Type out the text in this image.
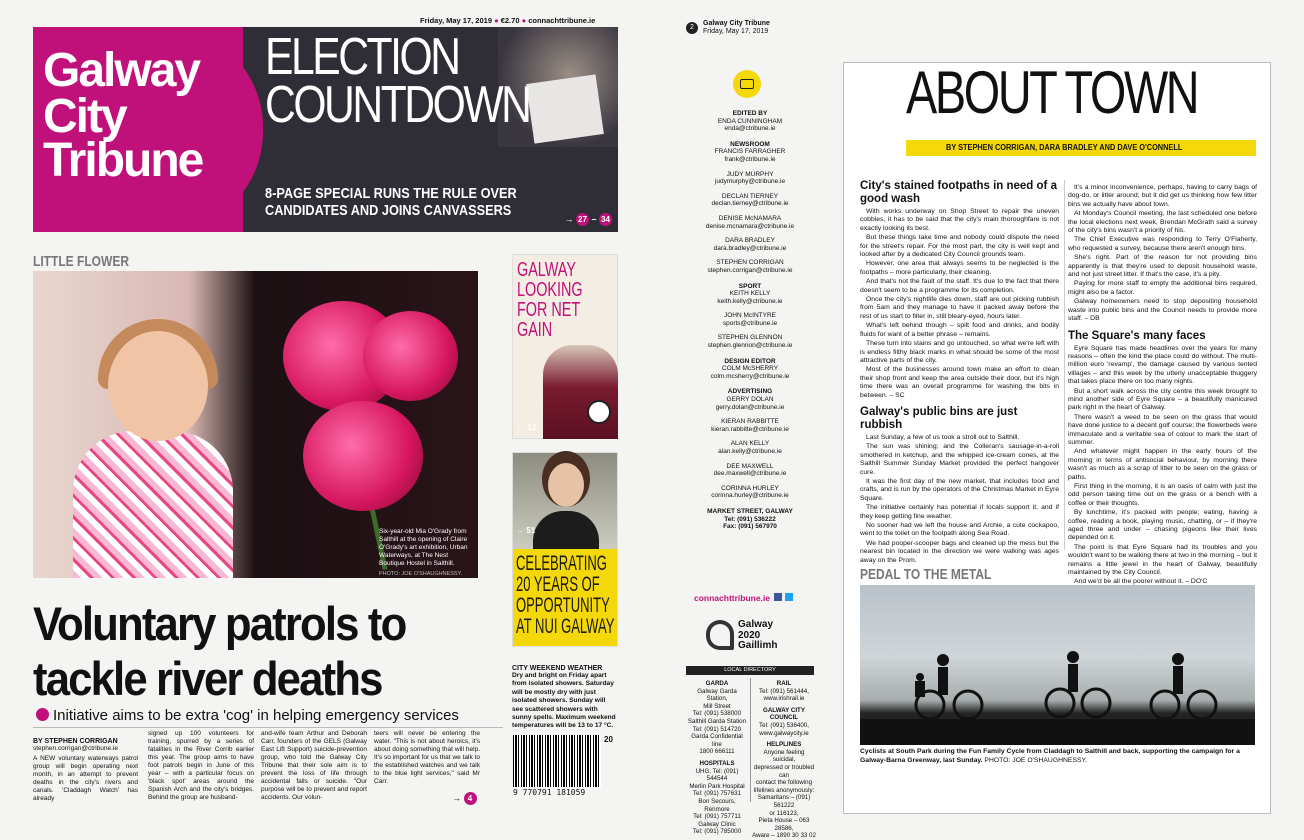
Friday, May 17, 2019 ● €2.70 ● connachttribune.ie
Galway
City
Tribune
ELECTION
COUNTDOWN
8-PAGE SPECIAL RUNS THE RULE OVER
CANDIDATES AND JOINS CANVASSERS	→ 27 – 34
LITTLE FLOWER
Six-year-old Mia O'Grady from Salthill at the opening of Claire O'Grady's art exhibition, Urban Waterways, at The Nest Boutique Hostel in Salthill.
PHOTO: JOE O'SHAUGHNESSY.
GALWAY
LOOKING
FOR NET
GAIN
→ 12
→ 51
CELEBRATING
20 YEARS OF
OPPORTUNITY
AT NUI GALWAY
Voluntary patrols to
tackle river deaths
Initiative aims to be extra 'cog' in helping emergency services
BY STEPHEN CORRIGAN
stephen.corrigan@ctribune.ie
A NEW voluntary waterways patrol group will begin operating next month, in an attempt to prevent deaths in the city's rivers and canals. 'Claddagh Watch' has already
signed up 100 volunteers for training, spurred by a series of fatalities in the River Corrib earlier this year. The group aims to have foot patrols begin in June of this year – with a particular focus on 'black spot' areas around the Spanish Arch and the city's bridges. Behind the group are husband-
and-wife team Arthur and Deborah Carr, founders of the GELS (Galway East Lift Support) suicide-prevention group, who told the Galway City Tribune that their sole aim is to prevent the loss of life through accidental falls or suicide. "Our purpose will be to prevent and report accidents. Our volun-
teers will never be entering the water. "This is not about heroics, it's about doing something that will help. It's so important for us that we talk to the established watches and we talk to the blue light services," said Mr Carr.
→ 4
CITY WEEKEND WEATHER
Dry and bright on Friday apart from isolated showers. Saturday will be mostly dry with just isolated showers. Sunday will see scattered showers with sunny spells. Maximum weekend temperatures will be 13 to 17 °C.
20
9 770791 181059
2
Galway City Tribune
Friday, May 17, 2019
EDITED BY
ENDA CUNNINGHAM
enda@ctribune.ie
NEWSROOM
FRANCIS FARRAGHER
frank@ctribune.ie
JUDY MURPHY
judymurphy@ctribune.ie
DECLAN TIERNEY
declan.tierney@ctribune.ie
DENISE McNAMARA
denise.mcnamara@ctribune.ie
DARA BRADLEY
dara.bradley@ctribune.ie
STEPHEN CORRIGAN
stephen.corrigan@ctribune.ie
SPORT
KEITH KELLY
keith.kelly@ctribune.ie
JOHN McINTYRE
sports@ctribune.ie
STEPHEN GLENNON
stephen.glennon@ctribune.ie
DESIGN EDITOR
COLM McSHERRY
colm.mcsherry@ctribune.ie
ADVERTISING
GERRY DOLAN
gerry.dolan@ctribune.ie
KIERAN RABBITTE
kieran.rabbitte@ctribune.ie
ALAN KELLY
alan.kelly@ctribune.ie
DEE MAXWELL
dee.maxwell@ctribune.ie
CORINNA HURLEY
corinna.hurley@ctribune.ie
MARKET STREET, GALWAY
Tel: (091) 536222
Fax: (091) 567970
connachttribune.ie
Galway
2020
Gaillimh
LOCAL DIRECTORY
GARDA
Galway Garda Station,
Mill Street
Tel: (091) 538000
Salthill Garda Station
Tel: (091) 514720
Garda Confidential line
1800 666111
HOSPITALS
UHG, Tel: (091) 544544
Merlin Park Hospital
Tel: (091) 757631
Bon Secours, Renmore
Tel: (091) 757711
Galway Clinic
Tel: (091) 785000
RAIL
Tel: (091) 561444,
www.irishrail.ie
GALWAY CITY COUNCIL
Tel: (091) 536400,
www.galwaycity.ie
HELPLINES
Anyone feeling suicidal,
depressed or troubled can
contact the following
lifelines anonymously:
Samaritans – (091) 561222
or 116123,
Pieta House – 063 28586,
Aware – 1890 30 33 02
ABOUT TOWN
BY STEPHEN CORRIGAN, DARA BRADLEY AND DAVE O'CONNELL
City's stained footpaths in need of a good wash

With works underway on Shop Street to repair the uneven cobbles, it has to be said that the city's main thoroughfare is not exactly looking its best.

But these things take time and nobody could dispute the need for the street's repair. For the most part, the city is well kept and looked after by a dedicated City Council grounds team.

However, one area that always seems to be neglected is the footpaths – more particularly, their cleaning.

And that's not the fault of the staff. It's due to the fact that there doesn't seem to be a programme for its completion.

Once the city's nightlife dies down, staff are out picking rubbish from 5am and they manage to have it packed away before the rest of us start to filter in, still bleary-eyed, hours later.

What's left behind though – spilt food and drinks, and bodily fluids for want of a better phrase – remains.

These turn into stains and go untouched, so what we're left with is endless filthy black marks in what should be some of the most attractive parts of the city.

Most of the businesses around town make an effort to clean their shop front and keep the area outside their door, but it's high time there was an overall programme for washing the bits in between. – SC

Galway's public bins are just rubbish

Last Sunday, a few of us took a stroll out to Salthill.

The sun was shining; and the Colleran's sausage-in-a-roll smothered in ketchup, and the whipped ice-cream cones, at the Salthill Summer Sunday Market provided the perfect hangover cure.

It was the first day of the new market, that includes food and crafts, and is run by the operators of the Christmas Market in Eyre Square.

The initiative certainly has potential if locals support it, and if they keep getting fine weather.

No sooner had we left the house and Archie, a cute cockapoo, went to the toilet on the footpath along Sea Road.

We had pooper-scooper bags and cleaned up the mess but the nearest bin located in the direction we were walking was ages away on the Prom.

It's a minor inconvenience, perhaps, having to carry bags of dog-do, or litter around; but it did get us thinking how few litter bins we actually have about town.

At Monday's Council meeting, the last scheduled one before the local elections next week, Brendan McGrath said a survey of the city's bins wasn't a priority of his.

The Chief Executive was responding to Terry O'Flaherty, who requested a survey, because there aren't enough bins.

She's right. Part of the reason for not providing bins apparently is that they're used to deposit household waste, and not just street litter. If that's the case, it's a pity.

Paying for more staff to empty the additional bins required, might also be a factor.

Galway homeowners need to stop depositing household waste into public bins and the Council needs to provide more staff. – DB

The Square's many faces

Eyre Square has made headlines over the years for many reasons – often the kind the place could do without. The multi-million euro 'revamp', the damage caused by various tented villages – and this week by the utterly unacceptable thuggery that takes place there on too many nights.

But a short walk across the city centre this week brought to mind another side of Eyre Square – a beautifully manicured park right in the heart of Galway.

There wasn't a weed to be seen on the grass that would have done justice to a decent golf course; the flowerbeds were immaculate and a veritable sea of colour to mark the start of summer.

And whatever might happen in the early hours of the morning in terms of antisocial behaviour, by morning there wasn't as much as a scrap of litter to be seen on the grass or paths.

First thing in the morning, it is an oasis of calm with just the odd person taking time out on the grass or a bench with a coffee or their thoughts.

By lunchtime, it's packed with people; eating, having a coffee, reading a book, playing music, chatting, or – if they're aged three and under – chasing pigeons like their lives depended on it.

The point is that Eyre Square had its troubles and you wouldn't want to be walking there at two in the morning – but it remains a little jewel in the heart of Galway, beautifully maintained by the City Council.

And we'd be all the poorer without it. – DO'C

PEDAL TO THE METAL
Cyclists at South Park during the Fun Family Cycle from Claddagh to Salthill and back, supporting the campaign for a Galway-Barna Greenway, last Sunday. PHOTO: JOE O'SHAUGHNESSY.
